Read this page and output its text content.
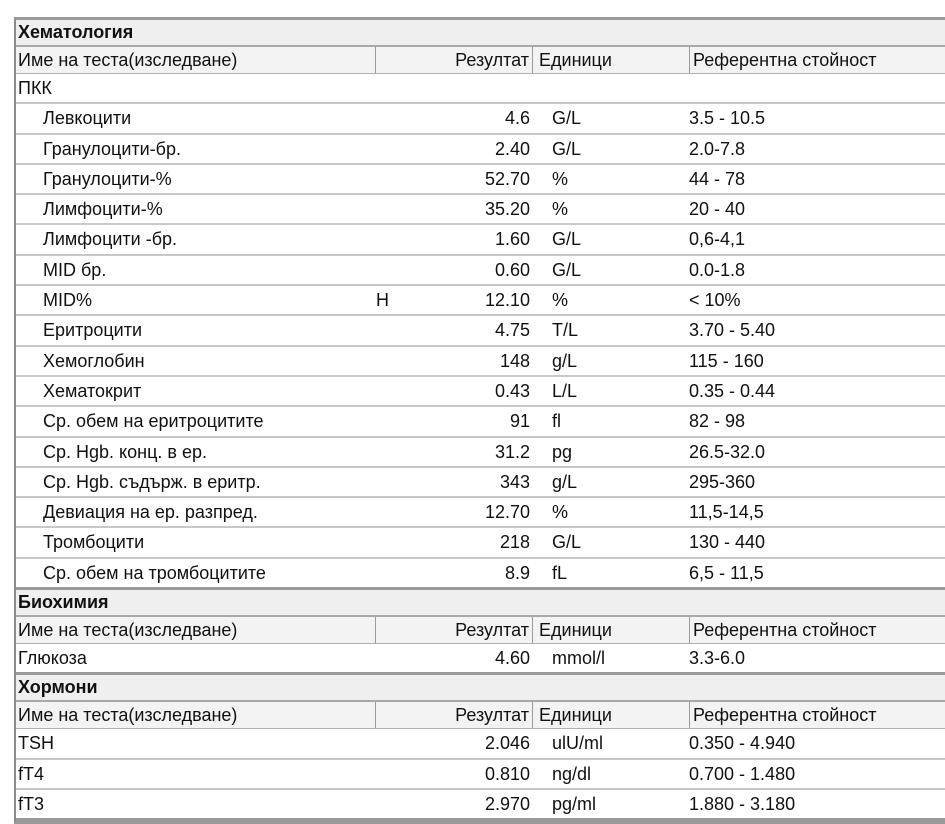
Хематология
Име на теста(изследване)	Резултат Единици	Референтна стойност
ПКК
Левкоцити	4.6	G/L	3.5 - 10.5
Гранулоцити-бр.	2.40	G/L	2.0-7.8
Гранулоцити-%	52.70	%	44 - 78
Лимфоцити-%	35.20	%	20 - 40
Лимфоцити -бр.	1.60	G/L	0,6-4,1
MID бр.	0.60	G/L	0.0-1.8
MID%	H	12.10	%	< 10%
Еритроцити	4.75	T/L	3.70 - 5.40
Хемоглобин	148	g/L	115 - 160
Хематокрит	0.43	L/L	0.35 - 0.44
Ср. обем на еритроцитите	91	fl	82 - 98
Ср. Hgb. конц. в ер.	31.2	pg	26.5-32.0
Ср. Hgb. съдърж. в еритр.	343	g/L	295-360
Девиация на ер. разпред.	12.70	%	11,5-14,5
Тромбоцити	218	G/L	130 - 440
Ср. обем на тромбоцитите	8.9	fL	6,5 - 11,5
Биохимия
Име на теста(изследване)	Резултат Единици	Референтна стойност
Глюкоза	4.60	mmol/l	3.3-6.0
Хормони
Име на теста(изследване)	Резултат Единици	Референтна стойност
TSH	2.046	ulU/ml	0.350 - 4.940
fT4	0.810	ng/dl	0.700 - 1.480
fT3	2.970	pg/ml	1.880 - 3.180
